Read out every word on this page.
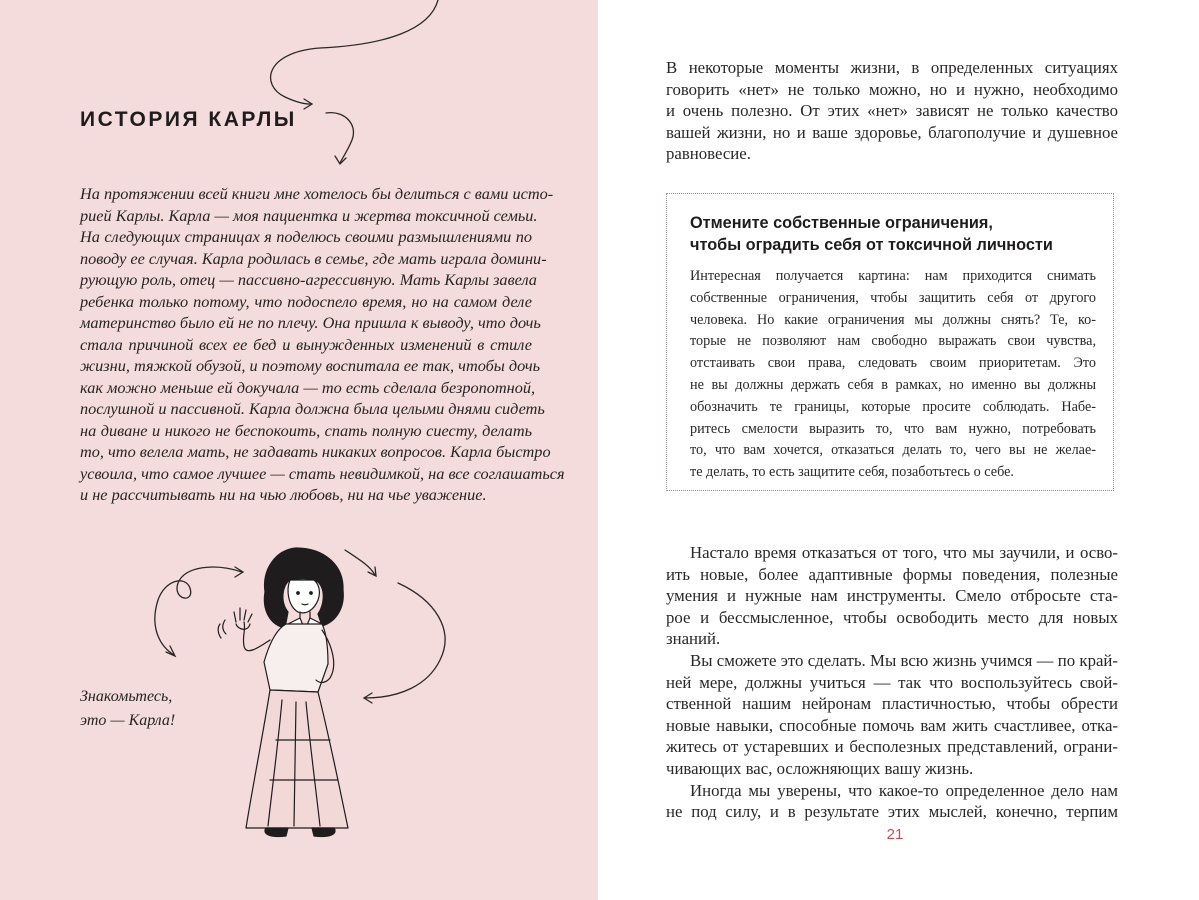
ИСТОРИЯ КАРЛЫ
На протяжении всей книги мне хотелось бы делиться с вами исто-
рией Карлы. Карла — моя пациентка и жертва токсичной семьи.
На следующих страницах я поделюсь своими размышлениями по
поводу ее случая. Карла родилась в семье, где мать играла домини-
рующую роль, отец — пассивно-агрессивную. Мать Карлы завела
ребенка только потому, что подоспело время, но на самом деле
материнство было ей не по плечу. Она пришла к выводу, что дочь
стала причиной всех ее бед и вынужденных изменений в стиле
жизни, тяжкой обузой, и поэтому воспитала ее так, чтобы дочь
как можно меньше ей докучала — то есть сделала безропотной,
послушной и пассивной. Карла должна была целыми днями сидеть
на диване и никого не беспокоить, спать полную сиесту, делать
то, что велела мать, не задавать никаких вопросов. Карла быстро
усвоила, что самое лучшее — стать невидимкой, на все соглашаться
и не рассчитывать ни на чью любовь, ни на чье уважение.
Знакомьтесь,
это — Карла!
В некоторые моменты жизни, в определенных ситуациях
говорить «нет» не только можно, но и нужно, необходимо
и очень полезно. От этих «нет» зависят не только качество
вашей жизни, но и ваше здоровье, благополучие и душевное
равновесие.
Отмените собственные ограничения,
чтобы оградить себя от токсичной личности
Интересная получается картина: нам приходится снимать
собственные ограничения, чтобы защитить себя от другого
человека. Но какие ограничения мы должны снять? Те, ко-
торые не позволяют нам свободно выражать свои чувства,
отстаивать свои права, следовать своим приоритетам. Это
не вы должны держать себя в рамках, но именно вы должны
обозначить те границы, которые просите соблюдать. Набе-
ритесь смелости выразить то, что вам нужно, потребовать
то, что вам хочется, отказаться делать то, чего вы не желае-
те делать, то есть защитите себя, позаботьтесь о себе.
Настало время отказаться от того, что мы заучили, и осво-
ить новые, более адаптивные формы поведения, полезные
умения и нужные нам инструменты. Смело отбросьте ста-
рое и бессмысленное, чтобы освободить место для новых
знаний.
Вы сможете это сделать. Мы всю жизнь учимся — по край-
ней мере, должны учиться — так что воспользуйтесь свой-
ственной нашим нейронам пластичностью, чтобы обрести
новые навыки, способные помочь вам жить счастливее, отка-
житесь от устаревших и бесполезных представлений, ограни-
чивающих вас, осложняющих вашу жизнь.
Иногда мы уверены, что какое-то определенное дело нам
не под силу, и в результате этих мыслей, конечно, терпим
21
